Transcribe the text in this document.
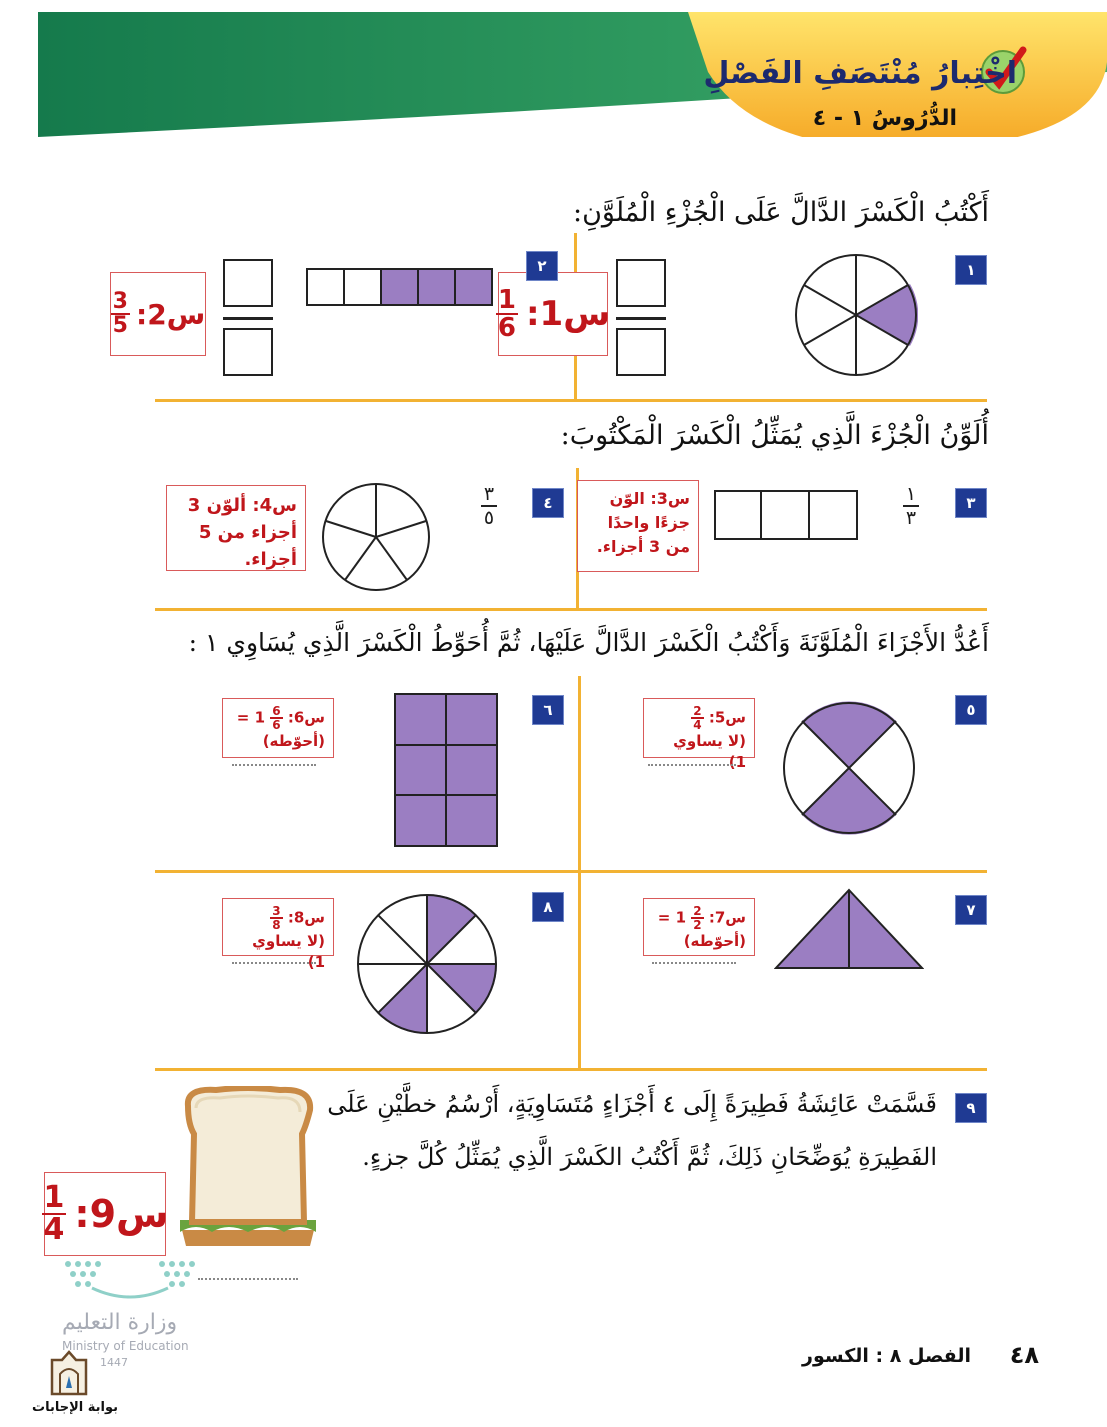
اخْتِبارُ مُنْتَصَفِ الفَصْلِ
الدُّرُوسُ ١ - ٤
أَكْتُبُ الْكَسْرَ الدَّالَّ عَلَى الْجُزْءِ الْمُلَوَّنِ:
١
س1:
$\frac{1}{6}$
٢
س2:
$\frac{3}{5}$
أُلَوِّنُ الْجُزْءَ الَّذِي يُمَثِّلُ الْكَسْرَ الْمَكْتُوبَ:
٣
١
٣
س3: الوّن جزءًا واحدًا من 3 أجزاء.
٤
٣
٥
س4: ألوّن 3 أجزاء من 5 أجزاء.
أَعُدُّ الأَجْزَاءَ الْمُلَوَّنَةَ وَأَكْتُبُ الْكَسْرَ الدَّالَّ عَلَيْهَا، ثُمَّ أُحَوِّطُ الْكَسْرَ الَّذِي يُسَاوِي ١ :
٥
س5:
$\frac{2}{4}$

(لا يساوي 1)
٦
س6:
$\frac{6}{6}$
= 1
(أحوّطه)
٧
س7:
$\frac{2}{2}$
= 1
(أحوّطه)
٨
س8:
$\frac{3}{8}$

(لا يساوي 1)
٩
قَسَّمَتْ عَائِشَةُ فَطِيرَةً إِلَى ٤ أَجْزَاءٍ مُتَسَاوِيَةٍ، أَرْسُمُ خطَّيْنِ عَلَى
الفَطِيرَةِ يُوَضِّحَانِ ذَلِكَ، ثُمَّ أَكْتُبُ الكَسْرَ الَّذِي يُمَثِّلُ كُلَّ جزءٍ.
س9:
$\frac{1}{4}$
وزارة التعليم
Ministry of Education
1447
بوابة الإجابات
الفصل ٨ : الكسور ٤٨
